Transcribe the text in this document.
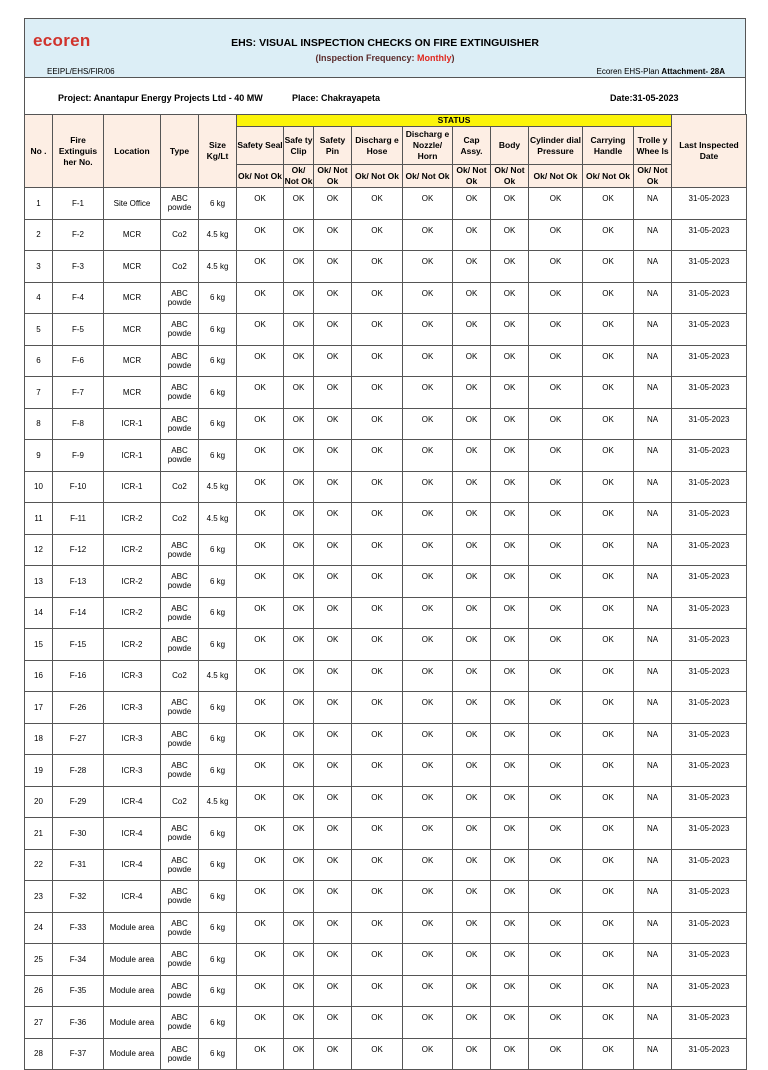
ecoren	EHS: VISUAL INSPECTION CHECKS ON FIRE EXTINGUISHER
(Inspection Frequency: Monthly)
EEIPL/EHS/FIR/06	Ecoren EHS-Plan Attachment- 28A
Project: Anantapur Energy Projects Ltd - 40 MW	Place: Chakrayapeta	Date:31-05-2023
No .	Fire Extinguis her No.	Location	Type	Size Kg/Lt	STATUS										Last Inspected Date
					Safety Seal	Safe ty Clip	Safety Pin	Discharg e Hose	Discharg e Nozzle/ Horn	Cap Assy.	Body	Cylinder dial Pressure	Carrying Handle	Trolle y Whee ls	
					Ok/ Not Ok	Ok/ Not Ok	Ok/ Not Ok	Ok/ Not Ok	Ok/ Not Ok	Ok/ Not Ok	Ok/ Not Ok	Ok/ Not Ok	Ok/ Not Ok	Ok/ Not Ok	
1	F-1	Site Office	ABC powde	6 kg	OK	OK	OK	OK	OK	OK	OK	OK	OK	NA	31-05-2023
2	F-2	MCR	Co2	4.5 kg	OK	OK	OK	OK	OK	OK	OK	OK	OK	NA	31-05-2023
3	F-3	MCR	Co2	4.5 kg	OK	OK	OK	OK	OK	OK	OK	OK	OK	NA	31-05-2023
4	F-4	MCR	ABC powde	6 kg	OK	OK	OK	OK	OK	OK	OK	OK	OK	NA	31-05-2023
5	F-5	MCR	ABC powde	6 kg	OK	OK	OK	OK	OK	OK	OK	OK	OK	NA	31-05-2023
6	F-6	MCR	ABC powde	6 kg	OK	OK	OK	OK	OK	OK	OK	OK	OK	NA	31-05-2023
7	F-7	MCR	ABC powde	6 kg	OK	OK	OK	OK	OK	OK	OK	OK	OK	NA	31-05-2023
8	F-8	ICR-1	ABC powde	6 kg	OK	OK	OK	OK	OK	OK	OK	OK	OK	NA	31-05-2023
9	F-9	ICR-1	ABC powde	6 kg	OK	OK	OK	OK	OK	OK	OK	OK	OK	NA	31-05-2023
10	F-10	ICR-1	Co2	4.5 kg	OK	OK	OK	OK	OK	OK	OK	OK	OK	NA	31-05-2023
11	F-11	ICR-2	Co2	4.5 kg	OK	OK	OK	OK	OK	OK	OK	OK	OK	NA	31-05-2023
12	F-12	ICR-2	ABC powde	6 kg	OK	OK	OK	OK	OK	OK	OK	OK	OK	NA	31-05-2023
13	F-13	ICR-2	ABC powde	6 kg	OK	OK	OK	OK	OK	OK	OK	OK	OK	NA	31-05-2023
14	F-14	ICR-2	ABC powde	6 kg	OK	OK	OK	OK	OK	OK	OK	OK	OK	NA	31-05-2023
15	F-15	ICR-2	ABC powde	6 kg	OK	OK	OK	OK	OK	OK	OK	OK	OK	NA	31-05-2023
16	F-16	ICR-3	Co2	4.5 kg	OK	OK	OK	OK	OK	OK	OK	OK	OK	NA	31-05-2023
17	F-26	ICR-3	ABC powde	6 kg	OK	OK	OK	OK	OK	OK	OK	OK	OK	NA	31-05-2023
18	F-27	ICR-3	ABC powde	6 kg	OK	OK	OK	OK	OK	OK	OK	OK	OK	NA	31-05-2023
19	F-28	ICR-3	ABC powde	6 kg	OK	OK	OK	OK	OK	OK	OK	OK	OK	NA	31-05-2023
20	F-29	ICR-4	Co2	4.5 kg	OK	OK	OK	OK	OK	OK	OK	OK	OK	NA	31-05-2023
21	F-30	ICR-4	ABC powde	6 kg	OK	OK	OK	OK	OK	OK	OK	OK	OK	NA	31-05-2023
22	F-31	ICR-4	ABC powde	6 kg	OK	OK	OK	OK	OK	OK	OK	OK	OK	NA	31-05-2023
23	F-32	ICR-4	ABC powde	6 kg	OK	OK	OK	OK	OK	OK	OK	OK	OK	NA	31-05-2023
24	F-33	Module area	ABC powde	6 kg	OK	OK	OK	OK	OK	OK	OK	OK	OK	NA	31-05-2023
25	F-34	Module area	ABC powde	6 kg	OK	OK	OK	OK	OK	OK	OK	OK	OK	NA	31-05-2023
26	F-35	Module area	ABC powde	6 kg	OK	OK	OK	OK	OK	OK	OK	OK	OK	NA	31-05-2023
27	F-36	Module area	ABC powde	6 kg	OK	OK	OK	OK	OK	OK	OK	OK	OK	NA	31-05-2023
28	F-37	Module area	ABC powde	6 kg	OK	OK	OK	OK	OK	OK	OK	OK	OK	NA	31-05-2023
